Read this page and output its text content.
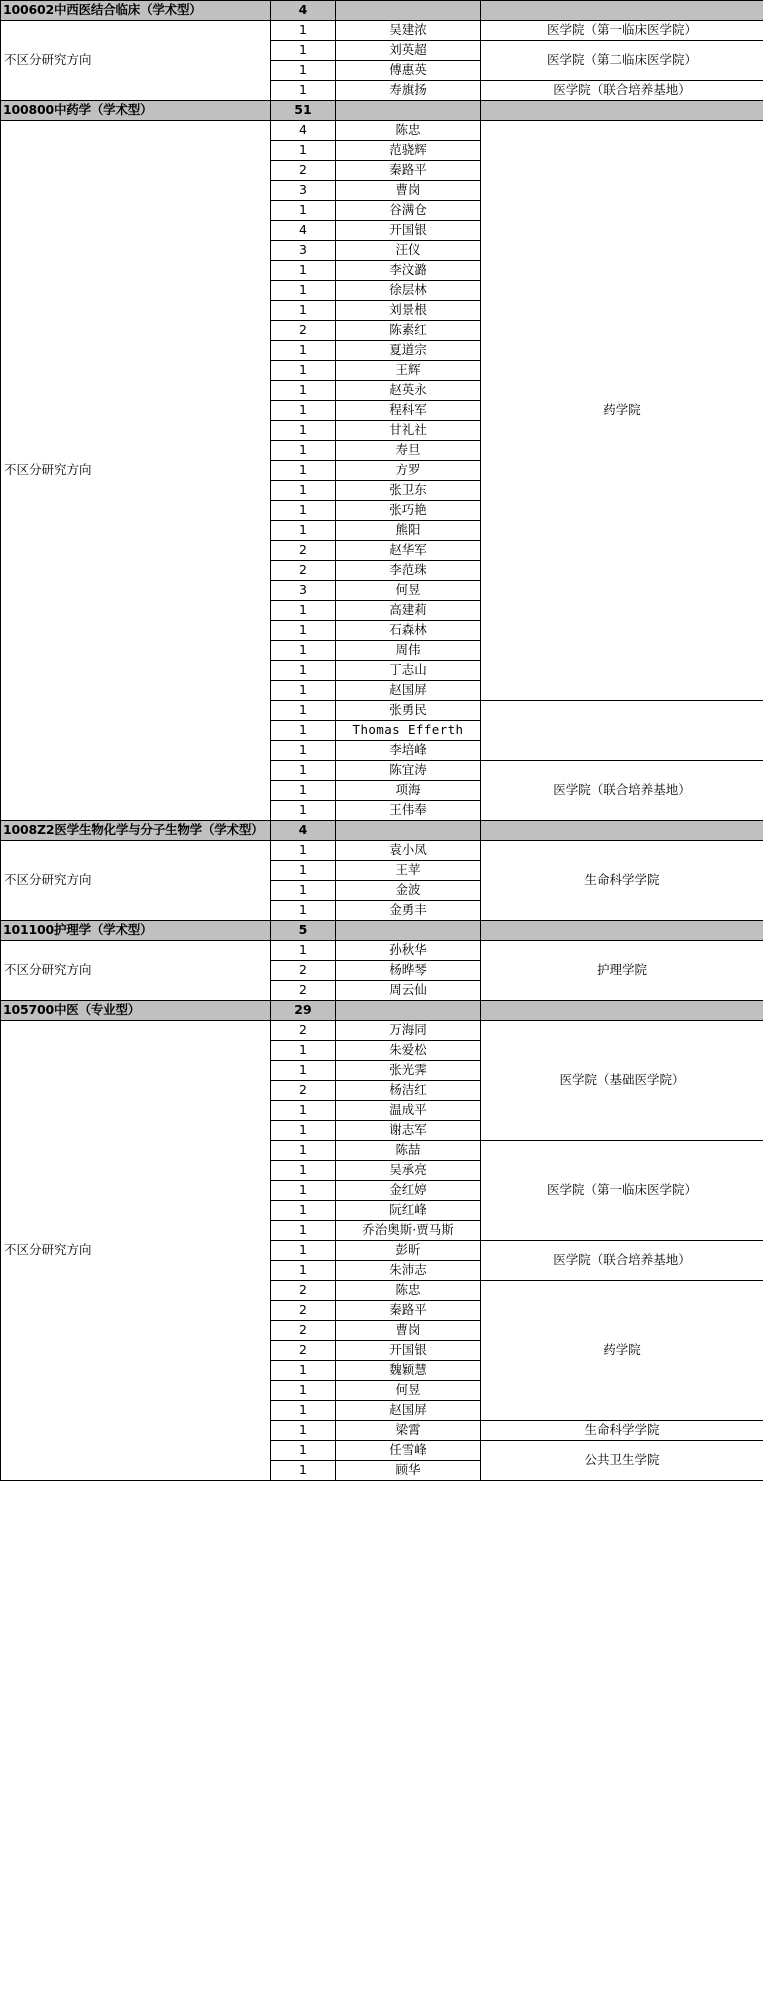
100602中西医结合临床（学术型）	4		
不区分研究方向	1	吴建浓	医学院（第一临床医学院）
	1	刘英超	医学院（第二临床医学院）
	1	傅惠英	
	1	寿旗扬	医学院（联合培养基地）
100800中药学（学术型）	51		
不区分研究方向	4	陈忠	药学院
	1	范骁辉	
	2	秦路平	
	3	曹岗	
	1	谷满仓	
	4	开国银	
	3	汪仪	
	1	李汶潞	
	1	徐层林	
	1	刘景根	
	2	陈素红	
	1	夏道宗	
	1	王辉	
	1	赵英永	
	1	程科军	
	1	甘礼社	
	1	寿旦	
	1	方罗	
	1	张卫东	
	1	张巧艳	
	1	熊阳	
	2	赵华军	
	2	李范珠	
	3	何昱	
	1	高建莉	
	1	石森林	
	1	周伟	
	1	丁志山	
	1	赵国屏	
	1	张勇民	
	1	Thomas Efferth	
	1	李培峰	
	1	陈宜涛	医学院（联合培养基地）
	1	项海	
	1	王伟奉	
1008Z2医学生物化学与分子生物学（学术型）	4		
不区分研究方向	1	袁小凤	生命科学学院
	1	王苹	
	1	金波	
	1	金勇丰	
101100护理学（学术型）	5		
不区分研究方向	1	孙秋华	护理学院
	2	杨晔琴	
	2	周云仙	
105700中医（专业型）	29		
不区分研究方向	2	万海同	医学院（基础医学院）
	1	朱爱松	
	1	张光霁	
	2	杨洁红	
	1	温成平	
	1	谢志军	
	1	陈喆	医学院（第一临床医学院）
	1	吴承亮	
	1	金红婷	
	1	阮红峰	
	1	乔治奥斯·贾马斯	
	1	彭昕	医学院（联合培养基地）
	1	朱沛志	
	2	陈忠	药学院
	2	秦路平	
	2	曹岗	
	2	开国银	
	1	魏颖慧	
	1	何昱	
	1	赵国屏	
	1	梁霄	生命科学学院
	1	任雪峰	公共卫生学院
	1	顾华	
